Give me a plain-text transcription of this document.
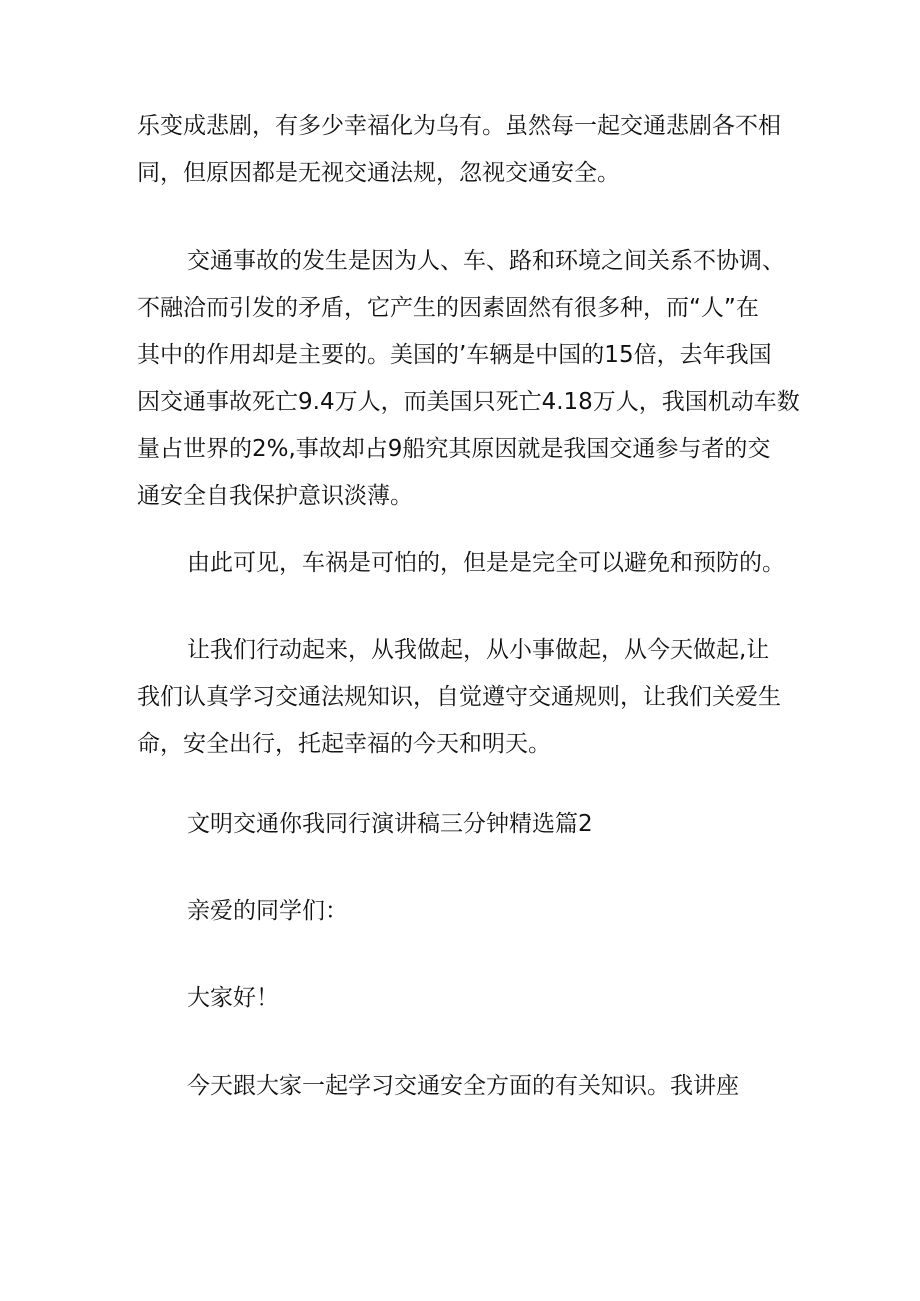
乐变成悲剧，有多少幸福化为乌有。虽然每一起交通悲剧各不相
同，但原因都是无视交通法规，忽视交通安全。

交通事故的发生是因为人、车、路和环境之间关系不协调、
不融洽而引发的矛盾，它产生的因素固然有很多种，而“人”在
其中的作用却是主要的。美国的’车辆是中国的15倍，去年我国
因交通事故死亡9.4万人，而美国只死亡4.18万人，我国机动车数
量占世界的2%,事故却占9船究其原因就是我国交通参与者的交
通安全自我保护意识淡薄。

由此可见，车祸是可怕的，但是是完全可以避免和预防的。

让我们行动起来，从我做起，从小事做起，从今天做起,让
我们认真学习交通法规知识，自觉遵守交通规则，让我们关爱生
命，安全出行，托起幸福的今天和明天。

文明交通你我同行演讲稿三分钟精选篇2

亲爱的同学们：

大家好！

今天跟大家一起学习交通安全方面的有关知识。我讲座
